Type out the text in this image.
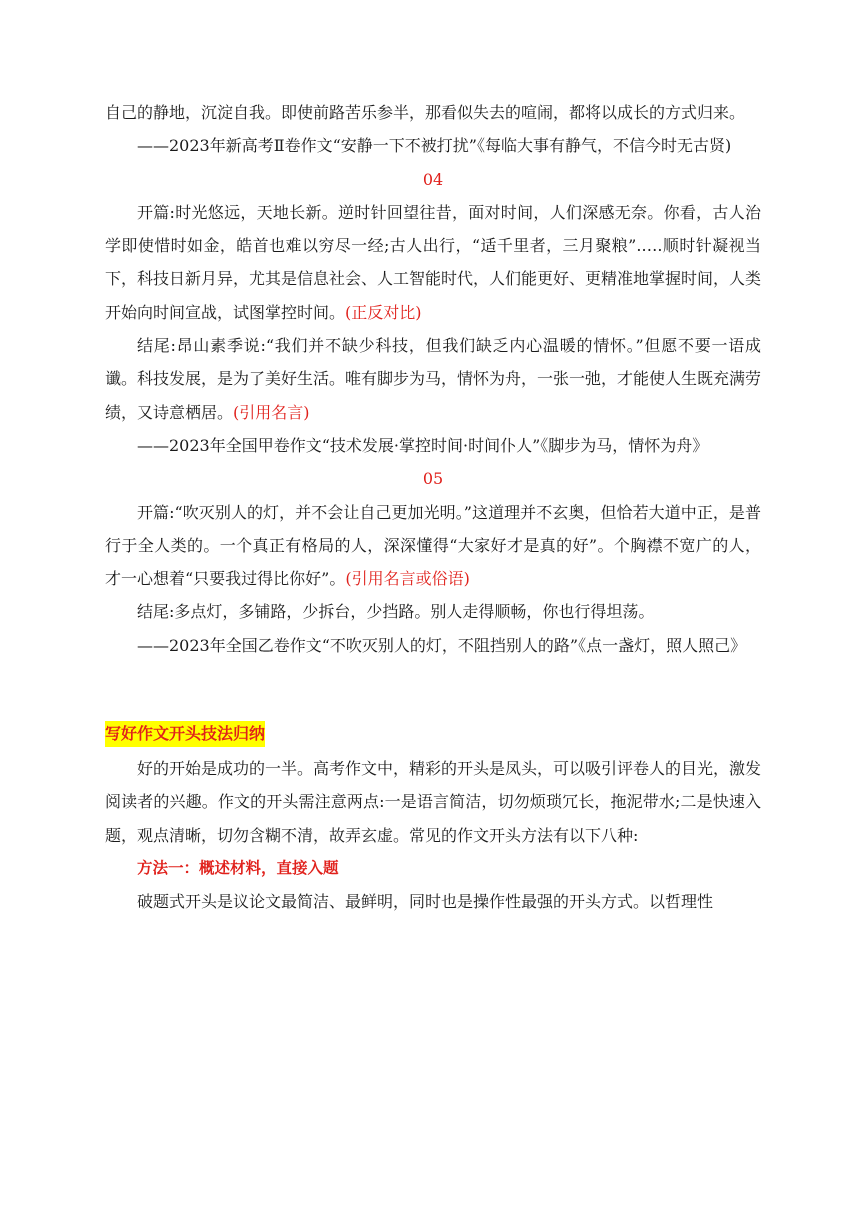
自己的静地，沉淀自我。即使前路苦乐参半，那看似失去的喧闹，都将以成长的方式归来。

——2023年新高考Ⅱ卷作文“安静一下不被打扰”《每临大事有静气，不信今时无古贤)

04

开篇:时光悠远，天地长新。逆时针回望往昔，面对时间，人们深感无奈。你看，古人治学即使惜时如金，皓首也难以穷尽一经;古人出行，“适千里者，三月聚粮”.….顺时针凝视当下，科技日新月异，尤其是信息社会、人工智能时代，人们能更好、更精准地掌握时间，人类开始向时间宣战，试图掌控时间。(正反对比)

结尾:昂山素季说:“我们并不缺少科技，但我们缺乏内心温暖的情怀。”但愿不要一语成谶。科技发展，是为了美好生活。唯有脚步为马，情怀为舟，一张一弛，才能使人生既充满劳绩，又诗意栖居。(引用名言)

——2023年全国甲卷作文“技术发展·掌控时间·时间仆人”《脚步为马，情怀为舟》

05

开篇:“吹灭别人的灯，并不会让自己更加光明。”这道理并不玄奥，但恰若大道中正，是普行于全人类的。一个真正有格局的人，深深懂得“大家好才是真的好”。个胸襟不宽广的人，才一心想着“只要我过得比你好”。(引用名言或俗语)

结尾:多点灯，多铺路，少拆台，少挡路。别人走得顺畅，你也行得坦荡。

——2023年全国乙卷作文“不吹灭别人的灯，不阻挡别人的路”《点一盏灯，照人照己》

写好作文开头技法归纳

好的开始是成功的一半。高考作文中，精彩的开头是凤头，可以吸引评卷人的目光，激发阅读者的兴趣。作文的开头需注意两点:一是语言简洁，切勿烦琐冗长，拖泥带水;二是快速入题，观点清晰，切勿含糊不清，故弄玄虚。常见的作文开头方法有以下八种:

方法一：概述材料，直接入题

破题式开头是议论文最简洁、最鲜明，同时也是操作性最强的开头方式。以哲理性
